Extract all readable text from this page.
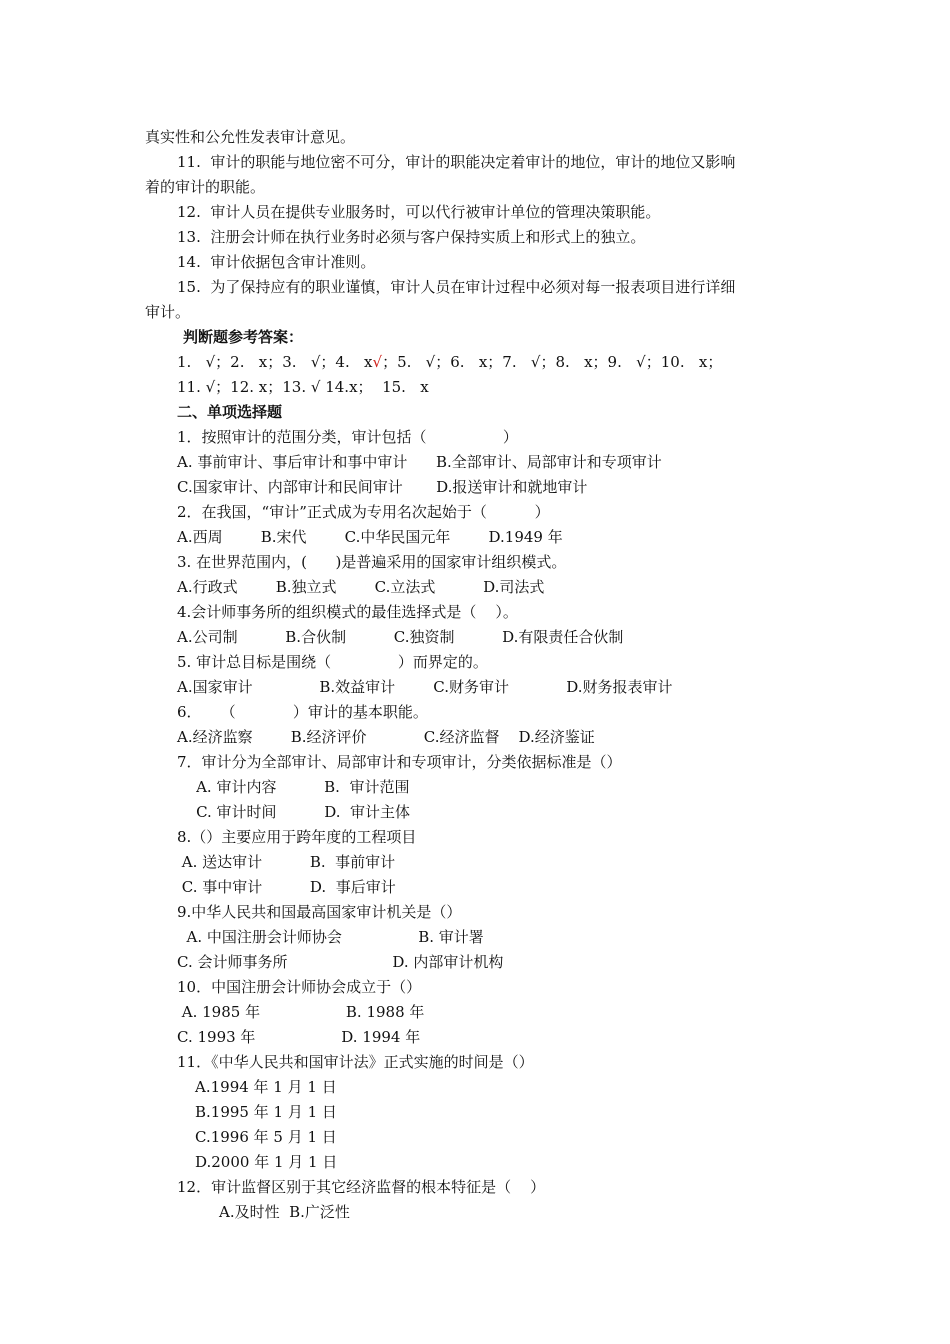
真实性和公允性发表审计意见。
11.  审计的职能与地位密不可分，审计的职能决定着审计的地位，审计的地位又影响
着的审计的职能。
12.  审计人员在提供专业服务时，可以代行被审计单位的管理决策职能。
13.  注册会计师在执行业务时必须与客户保持实质上和形式上的独立。
14.  审计依据包含审计准则。
15.  为了保持应有的职业谨慎，审计人员在审计过程中必须对每一报表项目进行详细
审计。
判断题参考答案：
1.   √；2.   x；3.   √；4.   x√；5.   √；6.   x；7.   √；8.   x；9.   √；10.   x；
11. √；12. x；13. √ 14.x；  15.   x
二、单项选择题
1．按照审计的范围分类，审计包括（                ）
A. 事前审计、事后审计和事中审计      B.全部审计、局部审计和专项审计
C.国家审计、内部审计和民间审计       D.报送审计和就地审计
2．在我国，“审计”正式成为专用名次起始于（          ）
A.西周        B.宋代        C.中华民国元年        D.1949 年
3. 在世界范围内，(      )是普遍采用的国家审计组织模式。
A.行政式        B.独立式        C.立法式          D.司法式
4.会计师事务所的组织模式的最佳选择式是（    ）。
A.公司制          B.合伙制          C.独资制          D.有限责任合伙制
5. 审计总目标是围绕（              ）而界定的。
A.国家审计              B.效益审计        C.财务审计            D.财务报表审计
6．    （            ）审计的基本职能。
A.经济监察        B.经济评价            C.经济监督    D.经济鉴证
7．审计分为全部审计、局部审计和专项审计，分类依据标准是（）
A. 审计内容          B.  审计范围
C. 审计时间          D.  审计主体
8.（）主要应用于跨年度的工程项目
A. 送达审计          B.  事前审计
C. 事中审计          D.  事后审计
9.中华人民共和国最高国家审计机关是（）
A. 中国注册会计师协会                B. 审计署
C. 会计师事务所                      D. 内部审计机构
10．中国注册会计师协会成立于（）
A. 1985 年                  B. 1988 年
C. 1993 年                  D. 1994 年
11．《中华人民共和国审计法》正式实施的时间是（）
A.1994 年 1 月 1 日
B.1995 年 1 月 1 日
C.1996 年 5 月 1 日
D.2000 年 1 月 1 日
12．审计监督区别于其它经济监督的根本特征是（    ）
A.及时性  B.广泛性
